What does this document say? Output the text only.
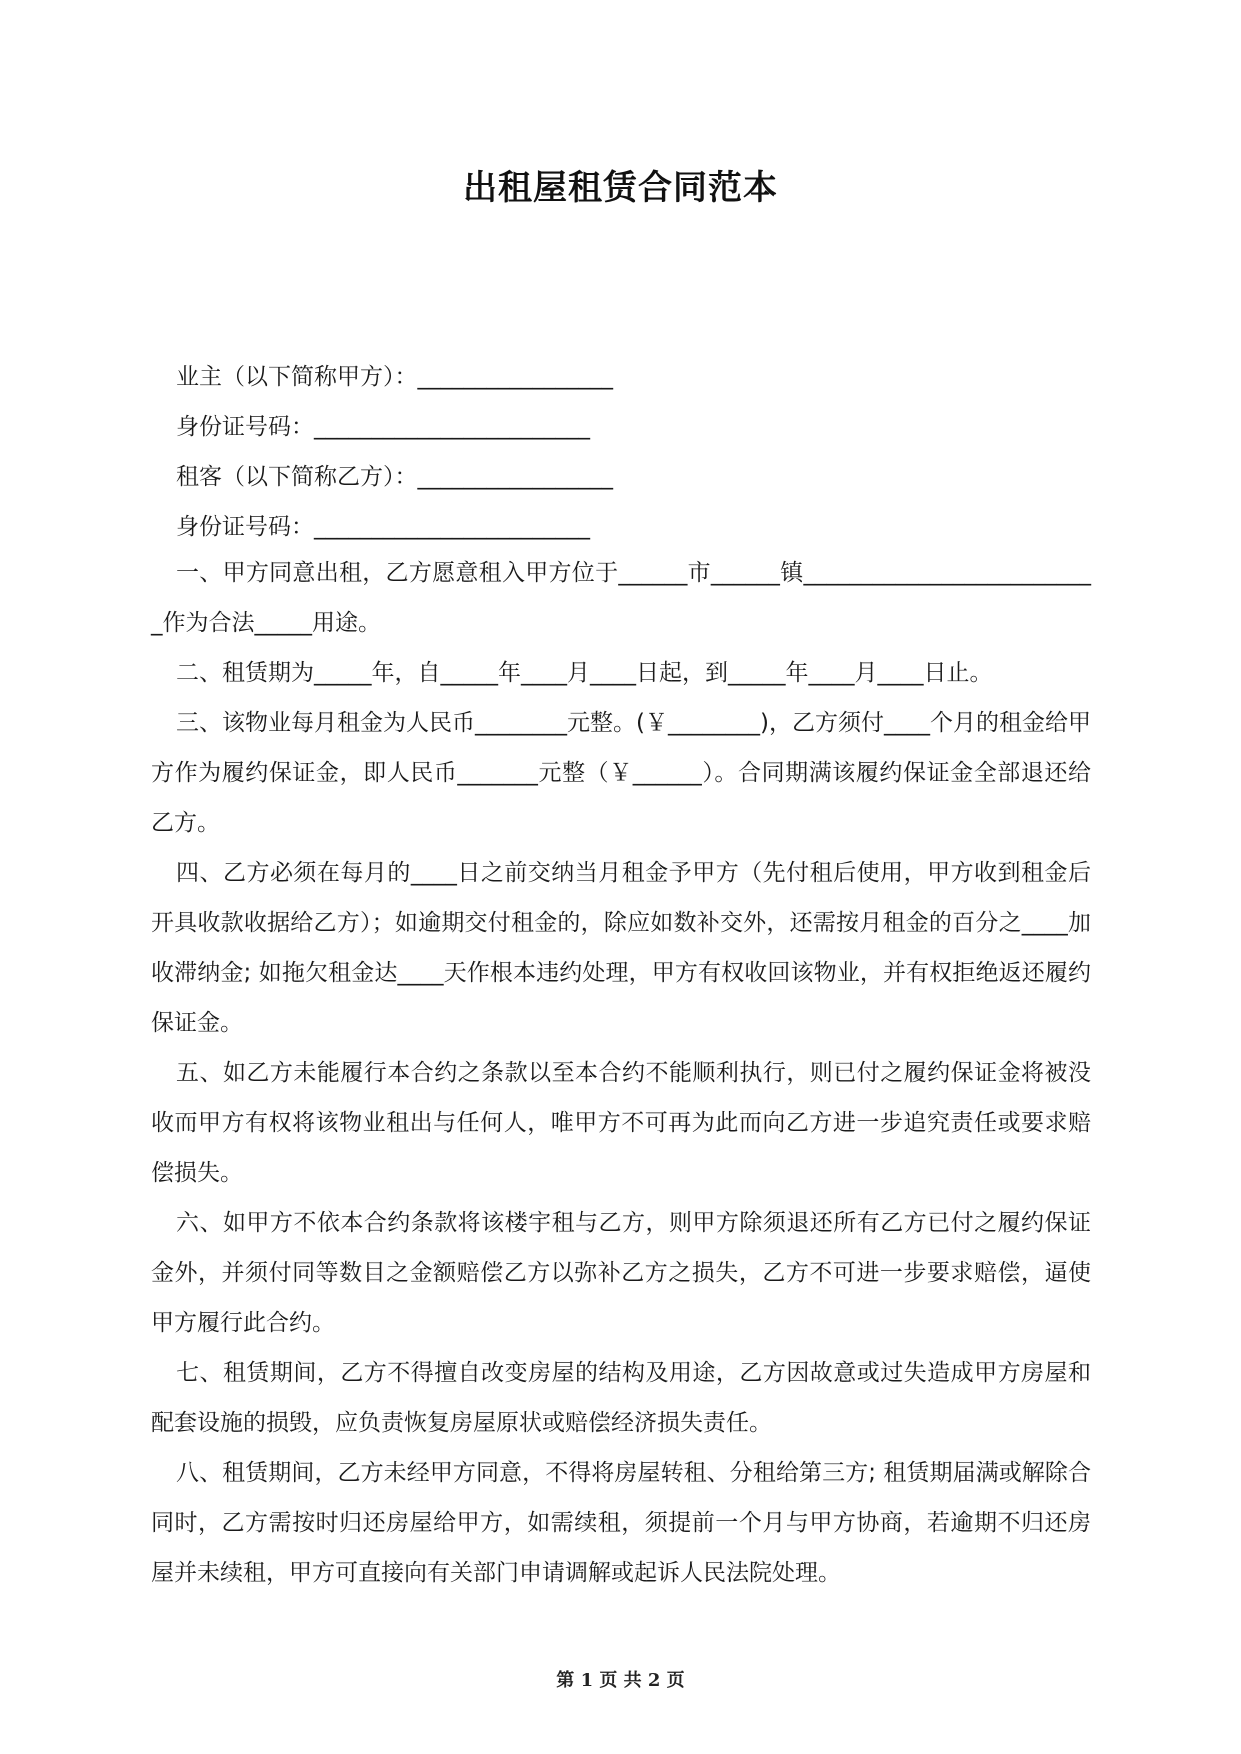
出租屋租赁合同范本
业主（以下简称甲方）：_________________
身份证号码：________________________
租客（以下简称乙方）：_________________
身份证号码：________________________

一、甲方同意出租，乙方愿意租入甲方位于______市______镇__________________________作为合法_____用途。

二、租赁期为_____年，自_____年____月____日起，到_____年____月____日止。

三、该物业每月租金为人民币________元整。(￥________)，乙方须付____个月的租金给甲方作为履约保证金，即人民币_______元整（￥______）。合同期满该履约保证金全部退还给乙方。

四、乙方必须在每月的____日之前交纳当月租金予甲方（先付租后使用，甲方收到租金后开具收款收据给乙方）；如逾期交付租金的，除应如数补交外，还需按月租金的百分之____加收滞纳金; 如拖欠租金达____天作根本违约处理，甲方有权收回该物业，并有权拒绝返还履约保证金。

五、如乙方未能履行本合约之条款以至本合约不能顺利执行，则已付之履约保证金将被没收而甲方有权将该物业租出与任何人，唯甲方不可再为此而向乙方进一步追究责任或要求赔偿损失。

六、如甲方不依本合约条款将该楼宇租与乙方，则甲方除须退还所有乙方已付之履约保证金外，并须付同等数目之金额赔偿乙方以弥补乙方之损失，乙方不可进一步要求赔偿，逼使甲方履行此合约。

七、租赁期间，乙方不得擅自改变房屋的结构及用途，乙方因故意或过失造成甲方房屋和配套设施的损毁，应负责恢复房屋原状或赔偿经济损失责任。

八、租赁期间，乙方未经甲方同意，不得将房屋转租、分租给第三方; 租赁期届满或解除合同时，乙方需按时归还房屋给甲方，如需续租，须提前一个月与甲方协商，若逾期不归还房屋并未续租，甲方可直接向有关部门申请调解或起诉人民法院处理。

第 1 页 共 2 页
